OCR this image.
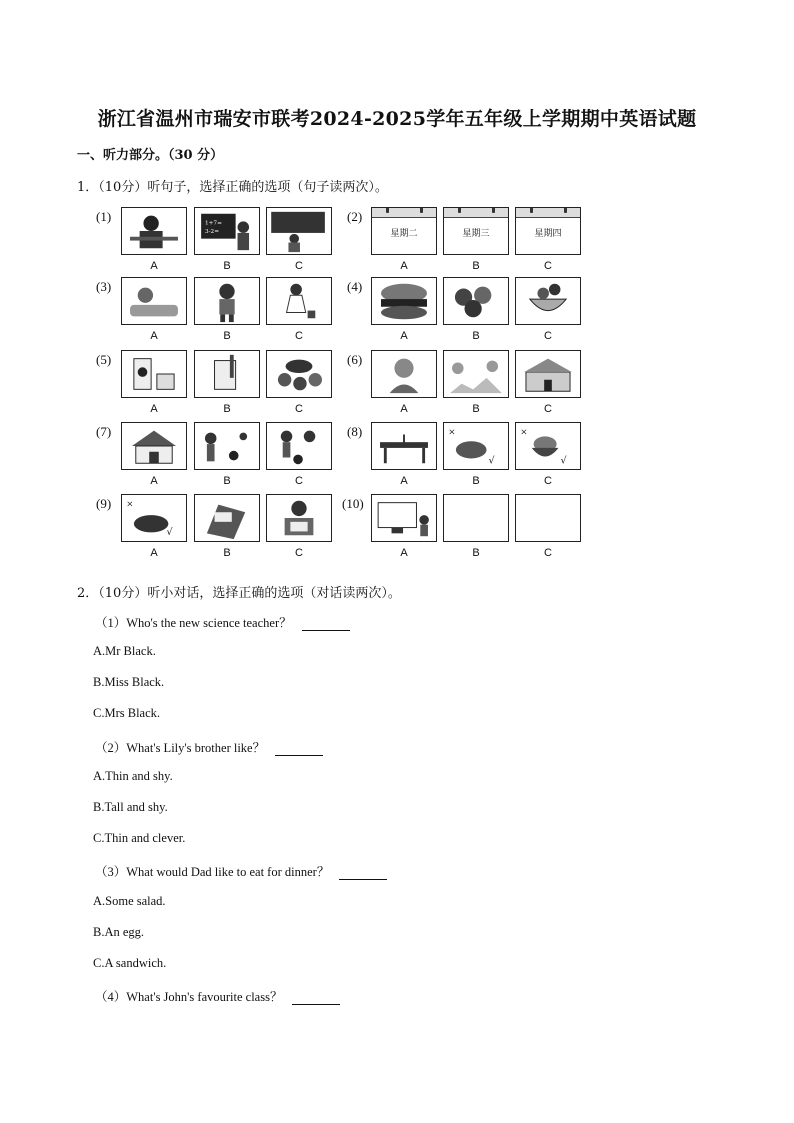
浙江省温州市瑞安市联考2024-2025学年五年级上学期期中英语试题
一、听力部分。（30 分）
1．（10分）听句子，选择正确的选项（句子读两次）。
(1)
A
1+7=
3-2=
B	C
(2)
星期二
A
星期三
B
星期四
C
(3)
A	B	C
(4)
A	B	C
(5)
A	B	C
(6)
A	B	C
(7)
A	B	C
(8)
A
√
×
B
√
×
C
(9)
√
×
A	B	C
(10)
A	B	C
2．（10分）听小对话，选择正确的选项（对话读两次）。
（1）Who's the new science teacher？
A.Mr Black.
B.Miss Black.
C.Mrs Black.
（2）What's Lily's brother like？
A.Thin and shy.
B.Tall and shy.
C.Thin and clever.
（3）What would Dad like to eat for dinner？
A.Some salad.
B.An egg.
C.A sandwich.
（4）What's John's favourite class？
